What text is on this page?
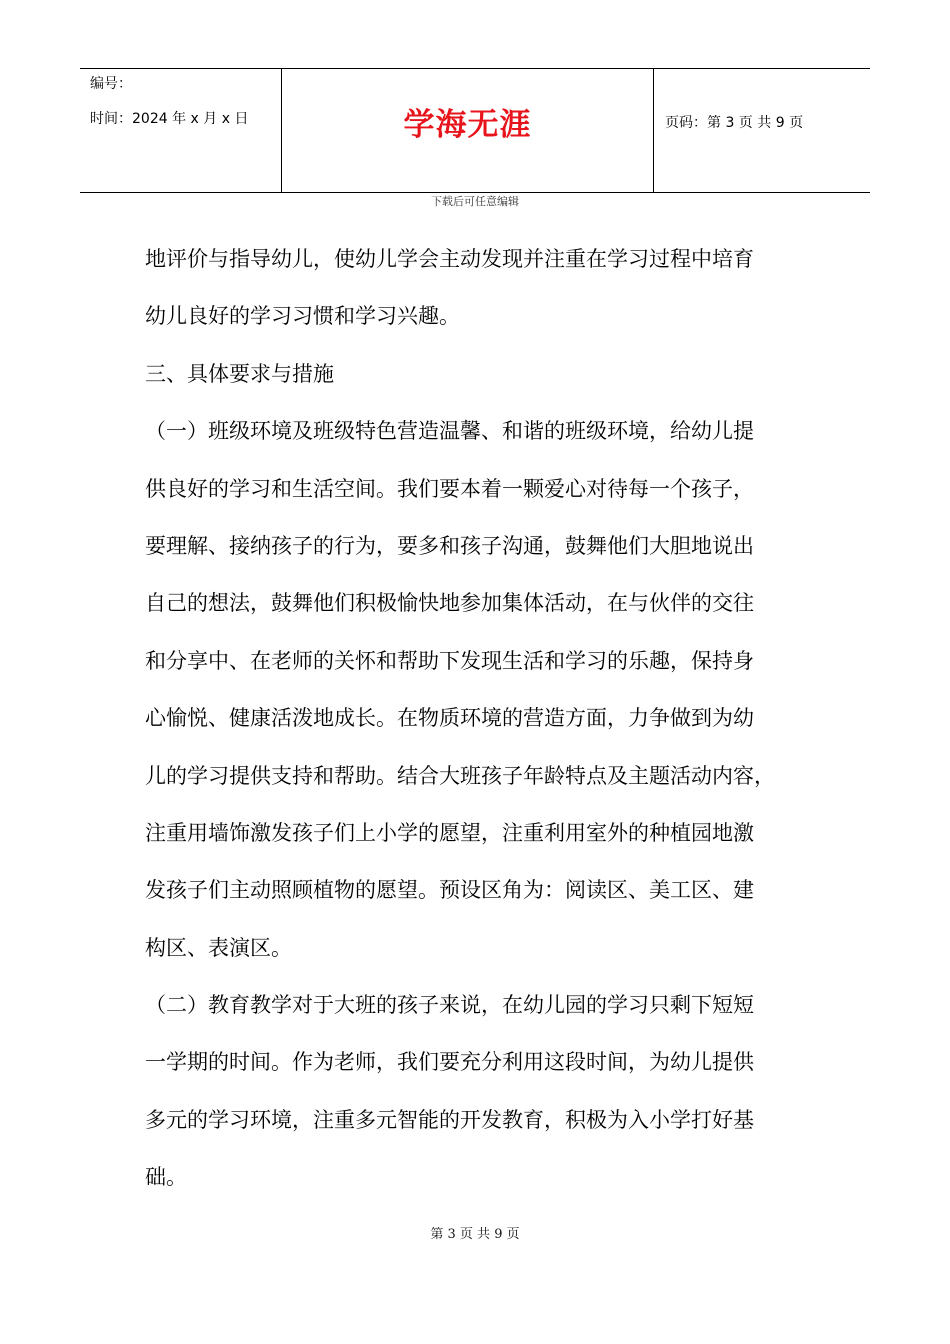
编号：
时间：2024 年 x 月 x 日	学海无涯	页码：第 3 页 共 9 页
下载后可任意编辑
地评价与指导幼儿，使幼儿学会主动发现并注重在学习过程中培育
幼儿良好的学习习惯和学习兴趣。
三、具体要求与措施
（一）班级环境及班级特色营造温馨、和谐的班级环境，给幼儿提
供良好的学习和生活空间。我们要本着一颗爱心对待每一个孩子，
要理解、接纳孩子的行为，要多和孩子沟通，鼓舞他们大胆地说出
自己的想法，鼓舞他们积极愉快地参加集体活动，在与伙伴的交往
和分享中、在老师的关怀和帮助下发现生活和学习的乐趣，保持身
心愉悦、健康活泼地成长。在物质环境的营造方面，力争做到为幼
儿的学习提供支持和帮助。结合大班孩子年龄特点及主题活动内容，
注重用墙饰激发孩子们上小学的愿望，注重利用室外的种植园地激
发孩子们主动照顾植物的愿望。预设区角为：阅读区、美工区、建
构区、表演区。
（二）教育教学对于大班的孩子来说，在幼儿园的学习只剩下短短
一学期的时间。作为老师，我们要充分利用这段时间，为幼儿提供
多元的学习环境，注重多元智能的开发教育，积极为入小学打好基
础。
第 3 页 共 9 页
